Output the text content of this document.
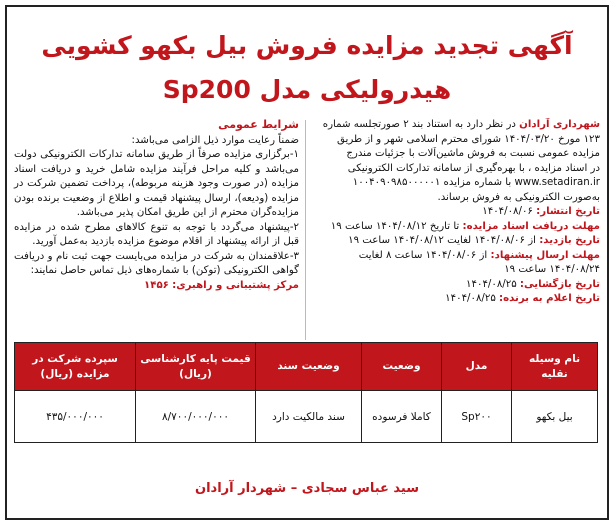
آگهی تجدید مزایده فروش بیل بکهو کشویی
هیدرولیکی مدل Sp200
شهرداری آرادان در نظر دارد به استناد بند ۲ صورتجلسه شماره
۱۲۳ مورخ ۱۴۰۴/۰۳/۲۰ شورای محترم اسلامی شهر و از طریق
مزایده عمومی نسبت به فروش ماشین‌آلات با جزئیات مندرج
در اسناد مزایده ، با بهره‌گیری از سامانه تدارکات الکترونیکی
www.setadiran.ir با شماره مزایده ۱۰۰۴۰۹۰۹۸۵۰۰۰۰۰۱
به‌صورت الکترونیکی به فروش برساند.
تاریخ انتشار: ۱۴۰۴/۰۸/۰۶
مهلت دریافت اسناد مزایده: تا تاریخ ۱۴۰۴/۰۸/۱۲ ساعت ۱۹
تاریخ بازدید: از ۱۴۰۴/۰۸/۰۶ لغایت ۱۴۰۴/۰۸/۱۲ ساعت ۱۹
مهلت ارسال پیشنهاد: از ۱۴۰۴/۰۸/۰۶ ساعت ۸ لغایت
۱۴۰۴/۰۸/۲۴ ساعت ۱۹
تاریخ بازگشایی: ۱۴۰۴/۰۸/۲۵
تاریخ اعلام به برنده: ۱۴۰۴/۰۸/۲۵
شرایط عمومی

ضمناً رعایت موارد ذیل الزامی می‌باشد:

۱-برگزاری مزایده صرفاً از طریق سامانه تدارکات الکترونیکی دولت می‌باشد و کلیه مراحل فرآیند مزایده شامل خرید و دریافت اسناد مزایده (در صورت وجود هزینه مربوطه)، پرداخت تضمین شرکت در مزایده (ودیعه)، ارسال پیشنهاد قیمت و اطلاع از وضعیت برنده بودن مزایده‌گران محترم از این طریق امکان پذیر می‌باشد.

۲-پیشنهاد می‌گردد با توجه به تنوع کالاهای مطرح شده در مزایده قبل از ارائه پیشنهاد از اقلام موضوع مزایده بازدید به‌عمل آورید.

۳-علاقمندان به شرکت در مزایده می‌بایست جهت ثبت نام و دریافت گواهی الکترونیکی (توکن) با شماره‌های ذیل تماس حاصل نمایند:

مرکز پشتیبانی و راهبری: ۱۴۵۶

نام وسیله نقلیه	مدل	وضعیت	وضعیت سند	قیمت پایه کارشناسی (ریال)	سپرده شرکت در مزایده (ریال)
بیل بکهو	Sp۲۰۰	کاملا فرسوده	سند مالکیت دارد	۸/۷۰۰/۰۰۰/۰۰۰	۴۳۵/۰۰۰/۰۰۰
سید عباس سجادی – شهردار آرادان
